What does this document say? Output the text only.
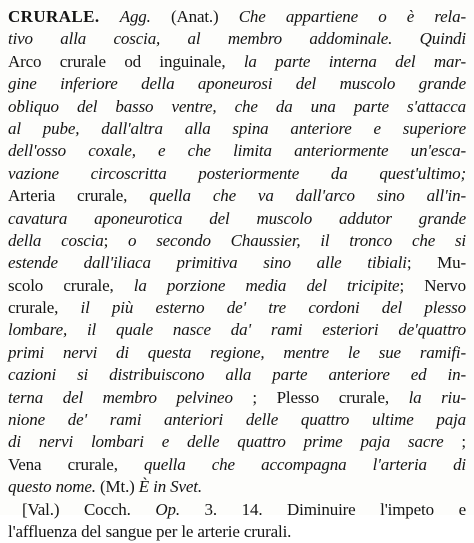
CRURALE. Agg. (Anat.) Che appartiene o è rela-
tivo alla coscia, al membro addominale. Quindi
Arco crurale od inguinale, la parte interna del mar-
gine inferiore della aponeurosi del muscolo grande
obliquo del basso ventre, che da una parte s'attacca
al pube, dall'altra alla spina anteriore e superiore
dell'osso coxale, e che limita anteriormente un'esca-
vazione circoscritta posteriormente da quest'ultimo;
Arteria crurale, quella che va dall'arco sino all'in-
cavatura aponeurotica del muscolo addutor grande
della coscia; o secondo Chaussier, il tronco che si
estende dall'iliaca primitiva sino alle tibiali; Mu-
scolo crurale, la porzione media del tricipite; Nervo
crurale, il più esterno de' tre cordoni del plesso
lombare, il quale nasce da' rami esteriori de'quattro
primi nervi di questa regione, mentre le sue ramifi-
cazioni si distribuiscono alla parte anteriore ed in-
terna del membro pelvineo ; Plesso crurale, la riu-
nione de' rami anteriori delle quattro ultime paja
di nervi lombari e delle quattro prime paja sacre ;
Vena crurale, quella che accompagna l'arteria di
questo nome. (Mt.) È in Svet.
[Val.) Cocch. Op. 3. 14. Diminuire l'impeto e
l'affluenza del sangue per le arterie crurali.
